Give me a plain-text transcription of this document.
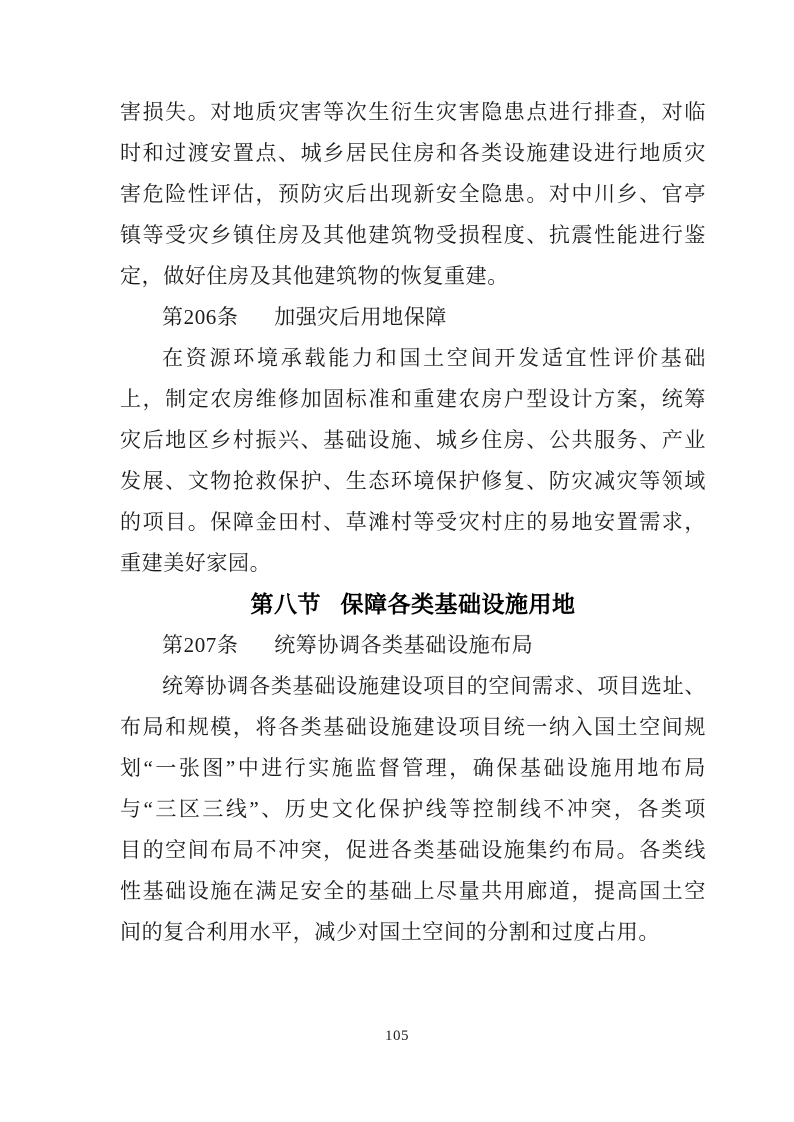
害损失。对地质灾害等次生衍生灾害隐患点进行排查，对临
时和过渡安置点、城乡居民住房和各类设施建设进行地质灾
害危险性评估，预防灾后出现新安全隐患。对中川乡、官亭
镇等受灾乡镇住房及其他建筑物受损程度、抗震性能进行鉴
定，做好住房及其他建筑物的恢复重建。
第206条 加强灾后用地保障
在资源环境承载能力和国土空间开发适宜性评价基础
上，制定农房维修加固标准和重建农房户型设计方案，统筹
灾后地区乡村振兴、基础设施、城乡住房、公共服务、产业
发展、文物抢救保护、生态环境保护修复、防灾减灾等领域
的项目。保障金田村、草滩村等受灾村庄的易地安置需求，
重建美好家园。
第八节 保障各类基础设施用地
第207条 统筹协调各类基础设施布局
统筹协调各类基础设施建设项目的空间需求、项目选址、
布局和规模，将各类基础设施建设项目统一纳入国土空间规
划“一张图”中进行实施监督管理，确保基础设施用地布局
与“三区三线”、历史文化保护线等控制线不冲突，各类项
目的空间布局不冲突，促进各类基础设施集约布局。各类线
性基础设施在满足安全的基础上尽量共用廊道，提高国土空
间的复合利用水平，减少对国土空间的分割和过度占用。
105
